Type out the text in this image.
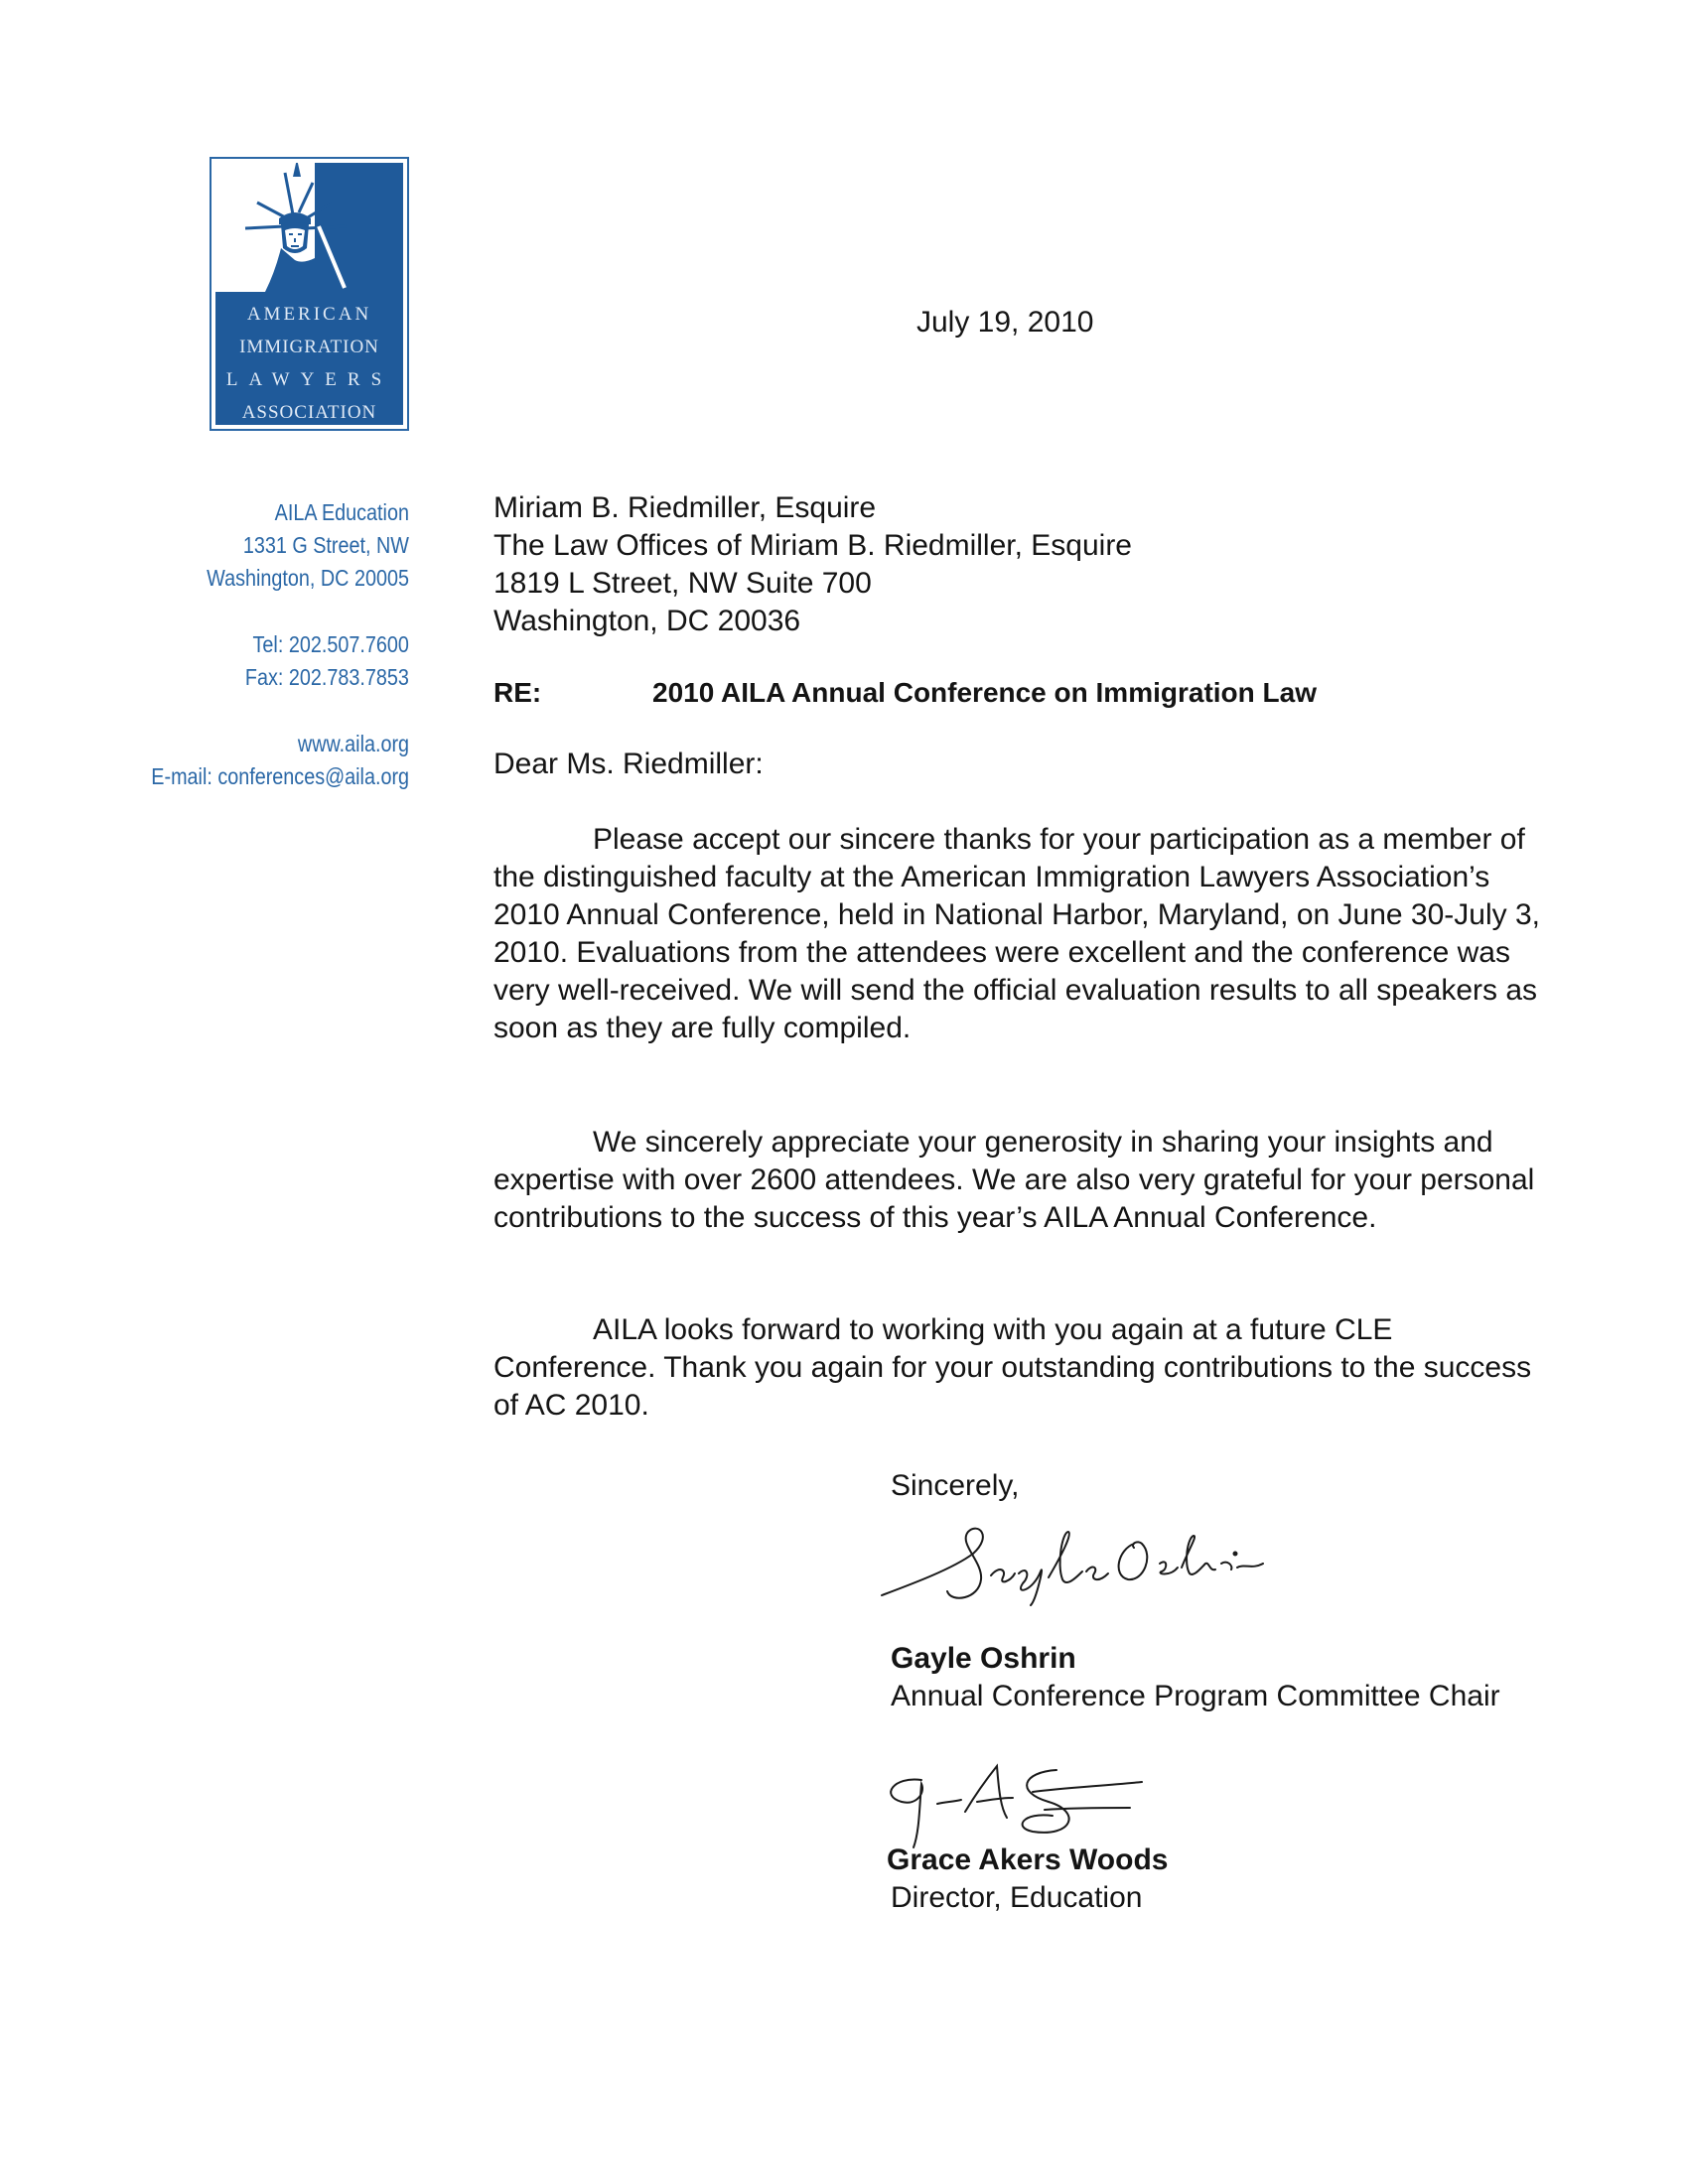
AMERICAN
IMMIGRATION
LAWYERS
ASSOCIATION
AILA Education
1331 G Street, NW
Washington, DC 20005
Tel: 202.507.7600
Fax: 202.783.7853
www.aila.org
E-mail: conferences@aila.org
July 19, 2010
Miriam B. Riedmiller, Esquire
The Law Offices of Miriam B. Riedmiller, Esquire
1819 L Street, NW Suite 700
Washington, DC 20036
RE:	2010 AILA Annual Conference on Immigration Law
Dear Ms. Riedmiller:

Please accept our sincere thanks for your participation as a member of the distinguished faculty at the American Immigration Lawyers Association’s 2010 Annual Conference, held in National Harbor, Maryland, on June 30-July 3, 2010. Evaluations from the attendees were excellent and the conference was very well-received. We will send the official evaluation results to all speakers as soon as they are fully compiled.

We sincerely appreciate your generosity in sharing your insights and expertise with over 2600 attendees. We are also very grateful for your personal contributions to the success of this year’s AILA Annual Conference.

AILA looks forward to working with you again at a future CLE Conference. Thank you again for your outstanding contributions to the success of AC 2010.

Sincerely,
Gayle Oshrin
Annual Conference Program Committee Chair
Grace Akers Woods
Director, Education
